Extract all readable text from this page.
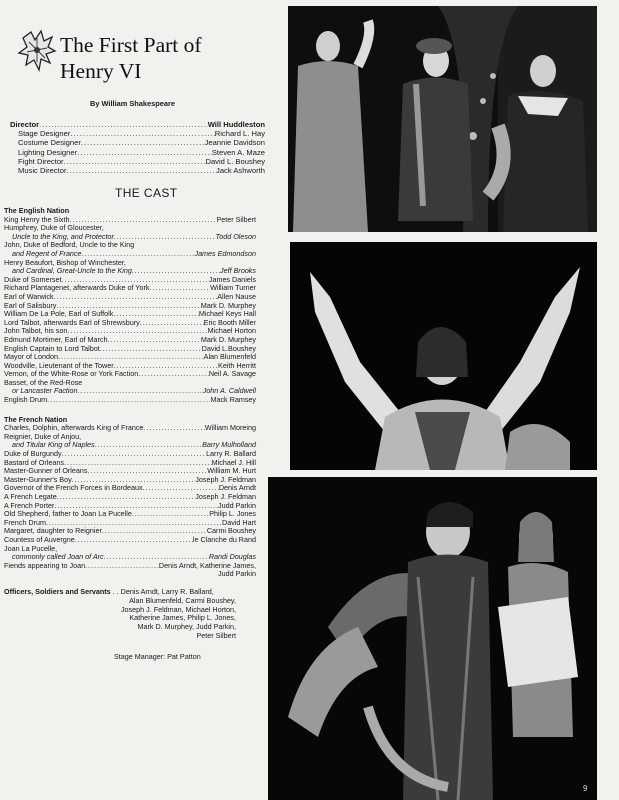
The First Part of
Henry VI
By William Shakespeare
Director .....	Will Huddleston
Stage Designer .....	Richard L. Hay
Costume Designer .....	Jeannie Davidson
Lighting Designer .....	Steven A. Maze
Fight Director .....	David L. Boushey
Music Director .....	Jack Ashworth
THE CAST
The English Nation
King Henry the Sixth .....	Peter Silbert
Humphrey, Duke of Gloucester,
Uncle to the King, and Protector .....	Todd Oleson
John, Duke of Bedford, Uncle to the King
and Regent of France .....	James Edmondson
Henry Beaufort, Bishop of Winchester,
and Cardinal, Great-Uncle to the King .....	Jeff Brooks
Duke of Somerset .....	James Daniels
Richard Plantagenet, afterwards Duke of York .....	William Turner
Earl of Warwick .....	Allen Nause
Earl of Salisbury .....	Mark D. Murphey
William De La Pole, Earl of Suffolk .....	Michael Keys Hall
Lord Talbot, afterwards Earl of Shrewsbury .....	Eric Booth Miller
John Talbot, his son .....	Michael Horton
Edmund Mortimer, Earl of March .....	Mark D. Murphey
English Captain to Lord Talbot .....	David L.Boushey
Mayor of London .....	Alan Blumenfeld
Woodville, Lieutenant of the Tower .....	Keith Herritt
Vernon, of the White-Rose or York Faction .....	Neil A. Savage
Basset, of the Red-Rose
or Lancaster Faction .....	John A. Caldwell
English Drum .....	Mack Ramsey
The French Nation
Charles, Dolphin, afterwards King of France .....	William Moreing
Reignier, Duke of Anjou,
and Titular King of Naples .....	Barry Mulholland
Duke of Burgundy .....	Larry R. Ballard
Bastard of Orleans .....	Michael J. Hill
Master-Gunner of Orleans .....	William M. Hurt
Master-Gunner's Boy .....	Joseph J. Feldman
Governor of the French Forces in Bordeaux .....	Denis Arndt
A French Legate .....	Joseph J. Feldman
A French Porter .....	Judd Parkin
Old Shepherd, father to Joan La Pucelle .....	Philip L. Jones
French Drum .....	David Hart
Margaret, daughter to Reignier .....	Carmi Boushey
Countess of Auvergne .....	le Clanche du Rand
Joan La Pucelle,
commonly called Joan of Arc .....	Randi Douglas
Fiends appearing to Joan .....	Denis Arndt, Katherine James,
Judd Parkin
Officers, Soldiers and Servants . . Denis Arndt, Larry R. Ballard,
Alan Blumenfeld, Carmi Boushey,
Joseph J. Feldman, Michael Horton,
Katherine James, Philip L. Jones,
Mark D. Murphey, Judd Parkin,
Peter Silbert
Stage Manager: Pat Patton
9
